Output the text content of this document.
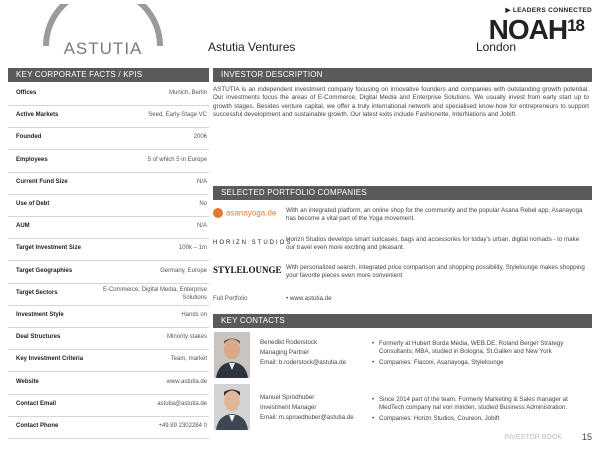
ASTUTIA	Astutia Ventures
▶ LEADERS CONNECTED
NOAH$^{18}$
London
KEY CORPORATE FACTS / KPIS
Offices	Munich, Berlin
Active Markets	Seed, Early-Stage VC
Founded	2006
Employees	5 of which 5 in Europe
Current Fund Size	N/A
Use of Debt	No
AUM	N/A
Target Investment Size	100k – 1m
Target Geographies	Germany, Europe
Target Sectors	E-Commerce, Digital Media, Enterprise Solutions
Investment Style	Hands on
Deal Structures	Minority stakes
Key Investment Criteria	Team, market
Website	www.astutia.de
Contact Email	astutia@astutia.de
Contact Phone	+49 89 2302284 0
INVESTOR DESCRIPTION
ASTUTIA is an independent investment company focusing on innovative founders and companies with outstanding growth potential. Our investments focus the areas of E-Commerce, Digital Media and Enterprise Solutions. We usually invest from early start up to growth stages. Besides venture capital, we offer a truly international network and specialised know-how for entrepreneurs to support successful development and sustainable growth. Our latest exits include Fashionette, InterNations and Jobift.
SELECTED PORTFOLIO COMPANIES
asanayoga.de With an integrated platform, an online shop for the community and the popular Asana Rebel app, Asanayoga has become a vital part of the Yoga movement.
HORIZN STUDIOS
Horizn Studios develops smart suitcases, bags and accessories for today's urban, digital nomads - to make our travel even more exciting and pleasant.
STYLELOUNGE With personalized search, integrated price comparison and shopping possibility, Stylelounge makes shopping your favorite pieces even more convenient
Full Portfolio	• www.astutia.de
KEY CONTACTS
Benedikt Roderstock
Managing Partner
Email: b.roderstock@astutia.de
• Formerly at Hubert Burda Media, WEB.DE, Roland Berger Strategy Consultants; MBA, studied in Bologna, St.Gallen and New York
• Companies: Flaconi, Asanayoga, Stylelounge
Manuel Sprödhuber
Investment Manager
Email: m.sproedhuber@astutia.de
• Since 2014 part of the team. Formerly Marketing & Sales manager at MedTech company nal von minden, studied Business Administration.
• Companies: Horizn Studios, Coureon, Jobift
INVESTOR BOOK 15
